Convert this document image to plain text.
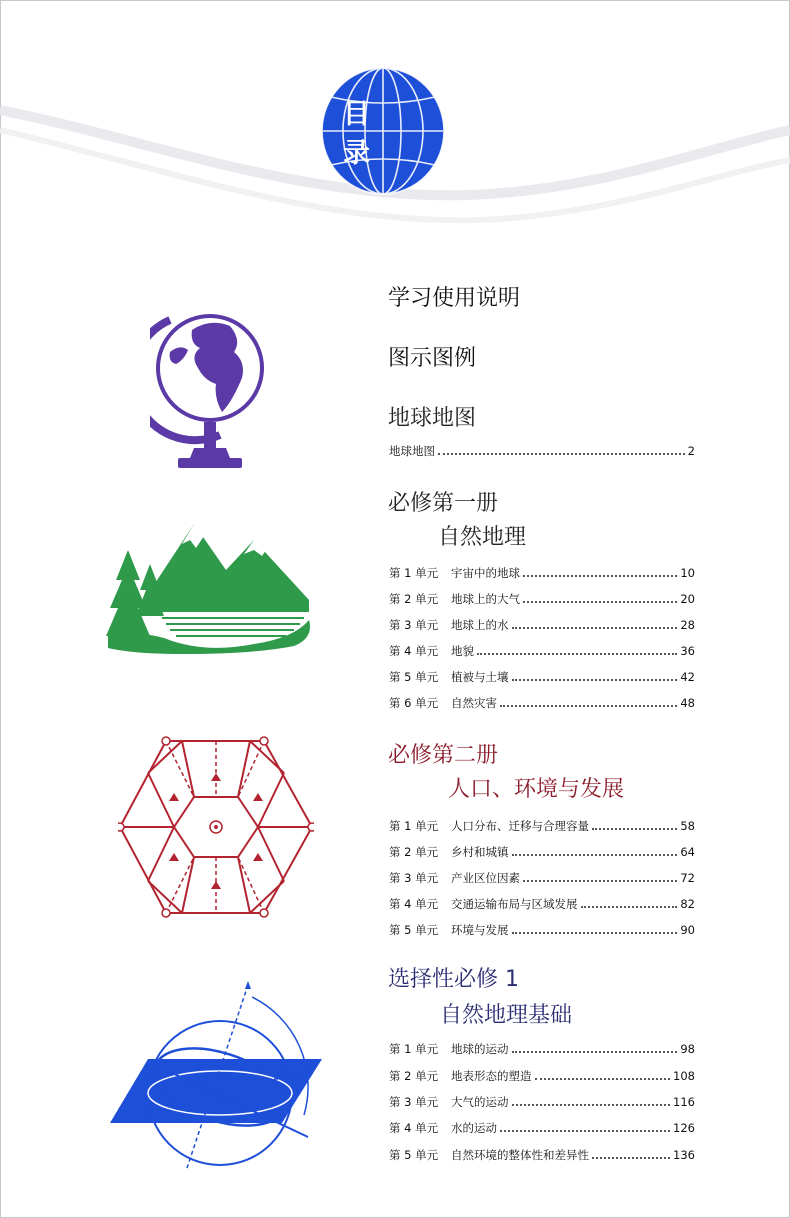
目 录
学习使用说明
图示图例
地球地图
地球地图	2
必修第一册
自然地理
第 1 单元	宇宙中的地球	10
第 2 单元	地球上的大气	20
第 3 单元	地球上的水	28
第 4 单元	地貌	36
第 5 单元	植被与土壤	42
第 6 单元	自然灾害	48
必修第二册
人口、环境与发展
第 1 单元	人口分布、迁移与合理容量	58
第 2 单元	乡村和城镇	64
第 3 单元	产业区位因素	72
第 4 单元	交通运输布局与区域发展	82
第 5 单元	环境与发展	90
选择性必修 1
自然地理基础
第 1 单元	地球的运动	98
第 2 单元	地表形态的塑造	108
第 3 单元	大气的运动	116
第 4 单元	水的运动	126
第 5 单元	自然环境的整体性和差异性	136
